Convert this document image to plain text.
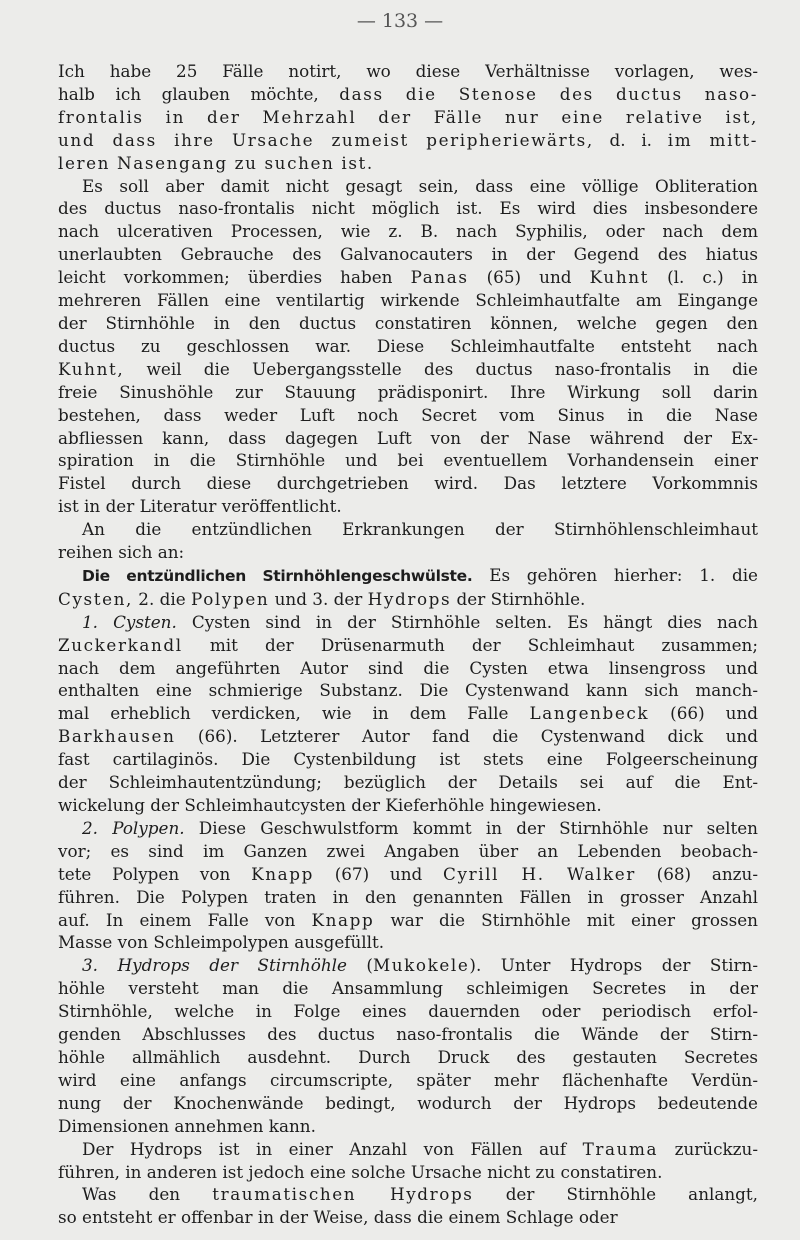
— 133 —
Ich habe 25 Fälle notirt, wo diese Verhältnisse vorlagen, wes-
halb ich glauben möchte, dass die Stenose des ductus naso-
frontalis in der Mehrzahl der Fälle nur eine relative ist,
und dass ihre Ursache zumeist peripheriewärts, d. i. im mitt-
leren Nasengang zu suchen ist.
Es soll aber damit nicht gesagt sein, dass eine völlige Obliteration
des ductus naso-frontalis nicht möglich ist. Es wird dies insbesondere
nach ulcerativen Processen, wie z. B. nach Syphilis, oder nach dem
unerlaubten Gebrauche des Galvanocauters in der Gegend des hiatus
leicht vorkommen; überdies haben Panas (65) und Kuhnt (l. c.) in
mehreren Fällen eine ventilartig wirkende Schleimhautfalte am Eingange
der Stirnhöhle in den ductus constatiren können, welche gegen den
ductus zu geschlossen war. Diese Schleimhautfalte entsteht nach
Kuhnt, weil die Uebergangsstelle des ductus naso-frontalis in die
freie Sinushöhle zur Stauung prädisponirt. Ihre Wirkung soll darin
bestehen, dass weder Luft noch Secret vom Sinus in die Nase
abfliessen kann, dass dagegen Luft von der Nase während der Ex-
spiration in die Stirnhöhle und bei eventuellem Vorhandensein einer
Fistel durch diese durchgetrieben wird. Das letztere Vorkommnis
ist in der Literatur veröffentlicht.
An die entzündlichen Erkrankungen der Stirnhöhlenschleimhaut
reihen sich an:
Die entzündlichen Stirnhöhlengeschwülste. Es gehören hierher: 1. die
Cysten, 2. die Polypen und 3. der Hydrops der Stirnhöhle.
1. Cysten. Cysten sind in der Stirnhöhle selten. Es hängt dies nach
Zuckerkandl mit der Drüsenarmuth der Schleimhaut zusammen;
nach dem angeführten Autor sind die Cysten etwa linsengross und
enthalten eine schmierige Substanz. Die Cystenwand kann sich manch-
mal erheblich verdicken, wie in dem Falle Langenbeck (66) und
Barkhausen (66). Letzterer Autor fand die Cystenwand dick und
fast cartilaginös. Die Cystenbildung ist stets eine Folgeerscheinung
der Schleimhautentzündung; bezüglich der Details sei auf die Ent-
wickelung der Schleimhautcysten der Kieferhöhle hingewiesen.
2. Polypen. Diese Geschwulstform kommt in der Stirnhöhle nur selten
vor; es sind im Ganzen zwei Angaben über an Lebenden beobach-
tete Polypen von Knapp (67) und Cyrill H. Walker (68) anzu-
führen. Die Polypen traten in den genannten Fällen in grosser Anzahl
auf. In einem Falle von Knapp war die Stirnhöhle mit einer grossen
Masse von Schleimpolypen ausgefüllt.
3. Hydrops der Stirnhöhle (Mukokele). Unter Hydrops der Stirn-
höhle versteht man die Ansammlung schleimigen Secretes in der
Stirnhöhle, welche in Folge eines dauernden oder periodisch erfol-
genden Abschlusses des ductus naso-frontalis die Wände der Stirn-
höhle allmählich ausdehnt. Durch Druck des gestauten Secretes
wird eine anfangs circumscripte, später mehr flächenhafte Verdün-
nung der Knochenwände bedingt, wodurch der Hydrops bedeutende
Dimensionen annehmen kann.
Der Hydrops ist in einer Anzahl von Fällen auf Trauma zurückzu-
führen, in anderen ist jedoch eine solche Ursache nicht zu constatiren.
Was den traumatischen Hydrops der Stirnhöhle anlangt,
so entsteht er offenbar in der Weise, dass die einem Schlage oder
